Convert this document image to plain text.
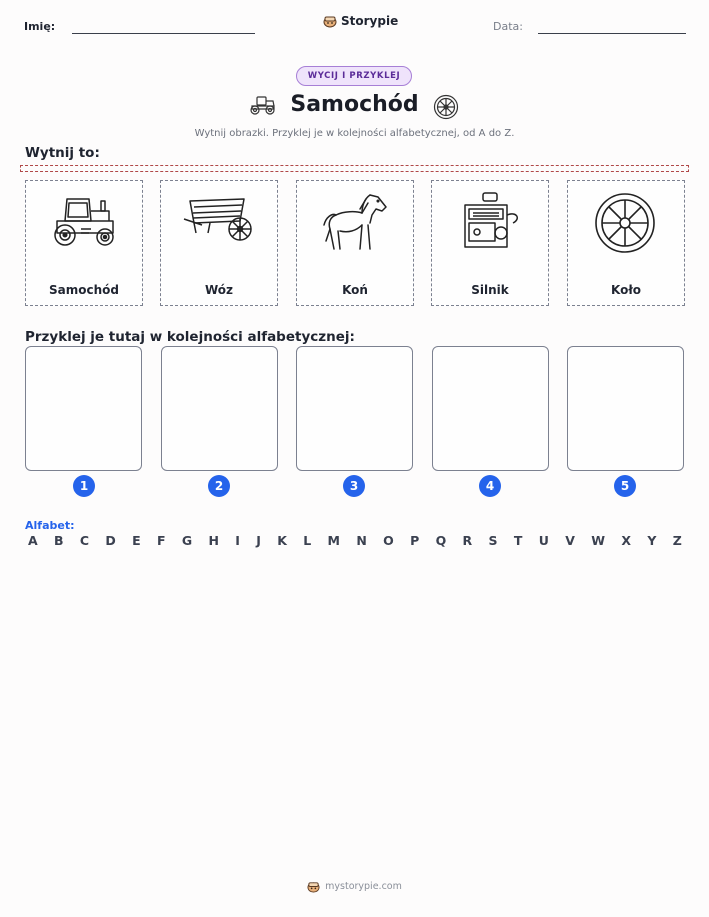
Imię:	Storypie	Data:
WYCIJ I PRZYKLEJ
Samochód
Wytnij obrazki. Przyklej je w kolejności alfabetycznej, od A do Z.
Wytnij to:
Samochód	Wóz	Koń	Silnik	Koło
Przyklej je tutaj w kolejności alfabetycznej:
1	2	3	4	5
Alfabet:
A B C D E F G H I J K L M N O P Q R S T U V W X Y Z
mystorypie.com
